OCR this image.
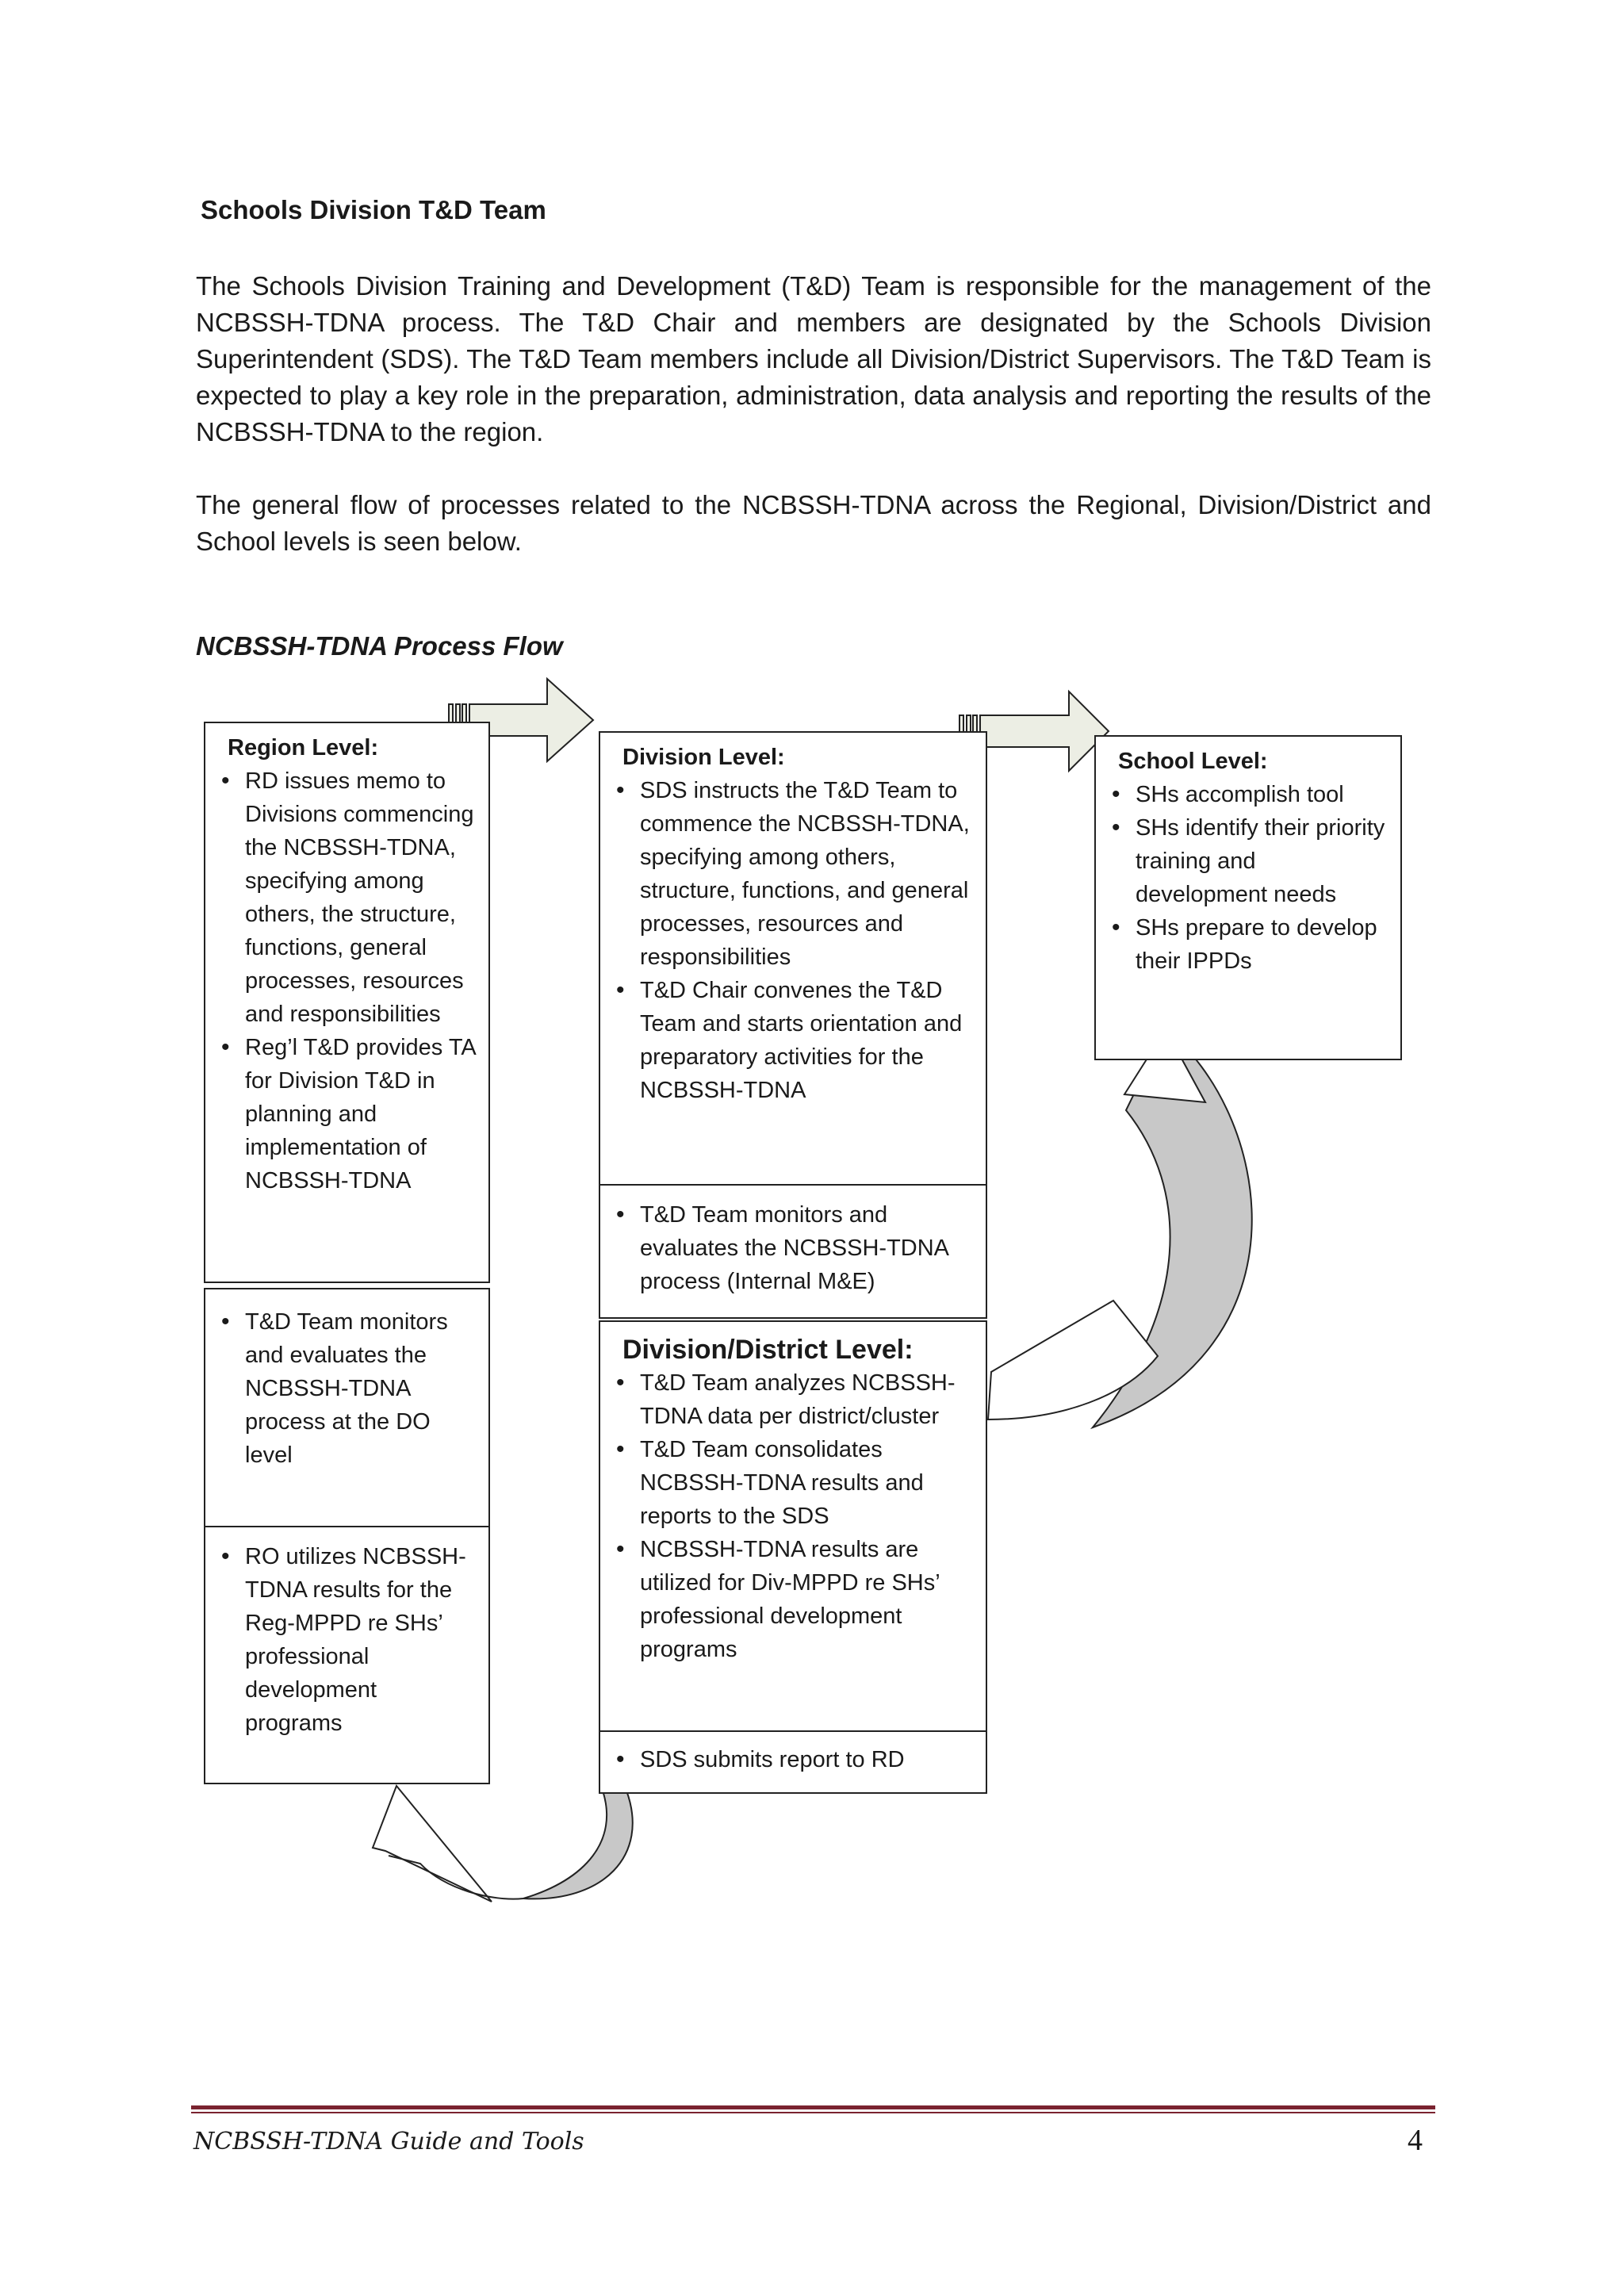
Schools Division T&D Team

The Schools Division Training and Development (T&D) Team is responsible for the management of the NCBSSH-TDNA process. The T&D Chair and members are designated by the Schools Division Superintendent (SDS). The T&D Team members include all Division/District Supervisors. The T&D Team is expected to play a key role in the preparation, administration, data analysis and reporting the results of the NCBSSH-TDNA to the region.

The general flow of processes related to the NCBSSH-TDNA across the Regional, Division/District and School levels is seen below.

NCBSSH-TDNA Process Flow

Region Level:

• RD issues memo to Divisions commencing the NCBSSH-TDNA, specifying among others, the structure, functions, general processes, resources and responsibilities
• Reg’l T&D provides TA for Division T&D in planning and implementation of NCBSSH-TDNA
• T&D Team monitors and evaluates the NCBSSH-TDNA process at the DO level
• RO utilizes NCBSSH-TDNA results for the Reg-MPPD re SHs’ professional development programs

Division Level:

• SDS instructs the T&D Team to commence the NCBSSH-TDNA, specifying among others, structure, functions, and general processes, resources and responsibilities
• T&D Chair convenes the T&D Team and starts orientation and preparatory activities for the NCBSSH-TDNA
• T&D Team monitors and evaluates the NCBSSH-TDNA process (Internal M&E)

Division/District Level:

• T&D Team analyzes NCBSSH-TDNA data per district/cluster
• T&D Team consolidates NCBSSH-TDNA results and reports to the SDS
• NCBSSH-TDNA results are utilized for Div-MPPD re SHs’ professional development programs
• SDS submits report to RD

School Level:

• SHs accomplish tool
• SHs identify their priority training and development needs
• SHs prepare to develop their IPPDs
NCBSSH-TDNA Guide and Tools	4
